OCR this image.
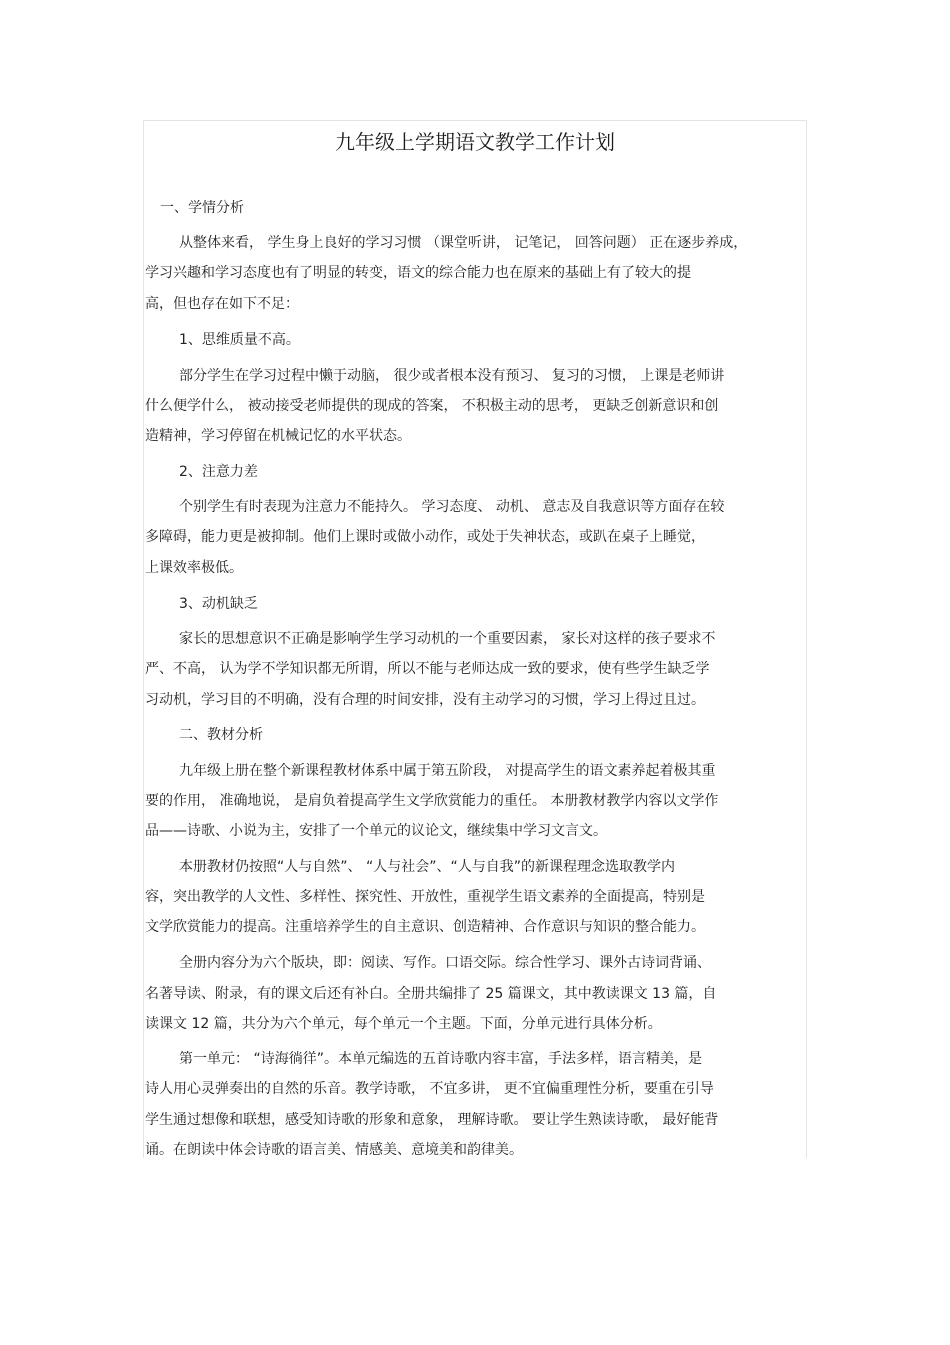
九年级上学期语文教学工作计划

一、学情分析

从整体来看， 学生身上良好的学习习惯 （课堂听讲， 记笔记， 回答问题） 正在逐步养成，

学习兴趣和学习态度也有了明显的转变，语文的综合能力也在原来的基础上有了较大的提

高，但也存在如下不足：

1、思维质量不高。

部分学生在学习过程中懒于动脑， 很少或者根本没有预习、 复习的习惯， 上课是老师讲

什么便学什么， 被动接受老师提供的现成的答案， 不积极主动的思考， 更缺乏创新意识和创

造精神，学习停留在机械记忆的水平状态。

2、注意力差

个别学生有时表现为注意力不能持久。 学习态度、 动机、 意志及自我意识等方面存在较

多障碍，能力更是被抑制。他们上课时或做小动作，或处于失神状态，或趴在桌子上睡觉，

上课效率极低。

3、动机缺乏

家长的思想意识不正确是影响学生学习动机的一个重要因素， 家长对这样的孩子要求不

严、不高， 认为学不学知识都无所谓，所以不能与老师达成一致的要求，使有些学生缺乏学

习动机，学习目的不明确，没有合理的时间安排，没有主动学习的习惯，学习上得过且过。

二、教材分析

九年级上册在整个新课程教材体系中属于第五阶段， 对提高学生的语文素养起着极其重

要的作用， 准确地说， 是肩负着提高学生文学欣赏能力的重任。 本册教材教学内容以文学作

品——诗歌、小说为主，安排了一个单元的议论文，继续集中学习文言文。

本册教材仍按照“人与自然”、 “人与社会”、“人与自我”的新课程理念选取教学内

容，突出教学的人文性、多样性、探究性、开放性，重视学生语文素养的全面提高，特别是

文学欣赏能力的提高。注重培养学生的自主意识、创造精神、合作意识与知识的整合能力。

全册内容分为六个版块，即：阅读、写作。口语交际。综合性学习、课外古诗词背诵、

名著导读、附录，有的课文后还有补白。全册共编排了 25 篇课文，其中教读课文 13 篇，自

读课文 12 篇，共分为六个单元，每个单元一个主题。下面，分单元进行具体分析。

第一单元： “诗海徜徉”。本单元编选的五首诗歌内容丰富，手法多样，语言精美，是

诗人用心灵弹奏出的自然的乐音。教学诗歌， 不宜多讲， 更不宜偏重理性分析，要重在引导

学生通过想像和联想，感受知诗歌的形象和意象， 理解诗歌。 要让学生熟读诗歌， 最好能背

诵。在朗读中体会诗歌的语言美、情感美、意境美和韵律美。
